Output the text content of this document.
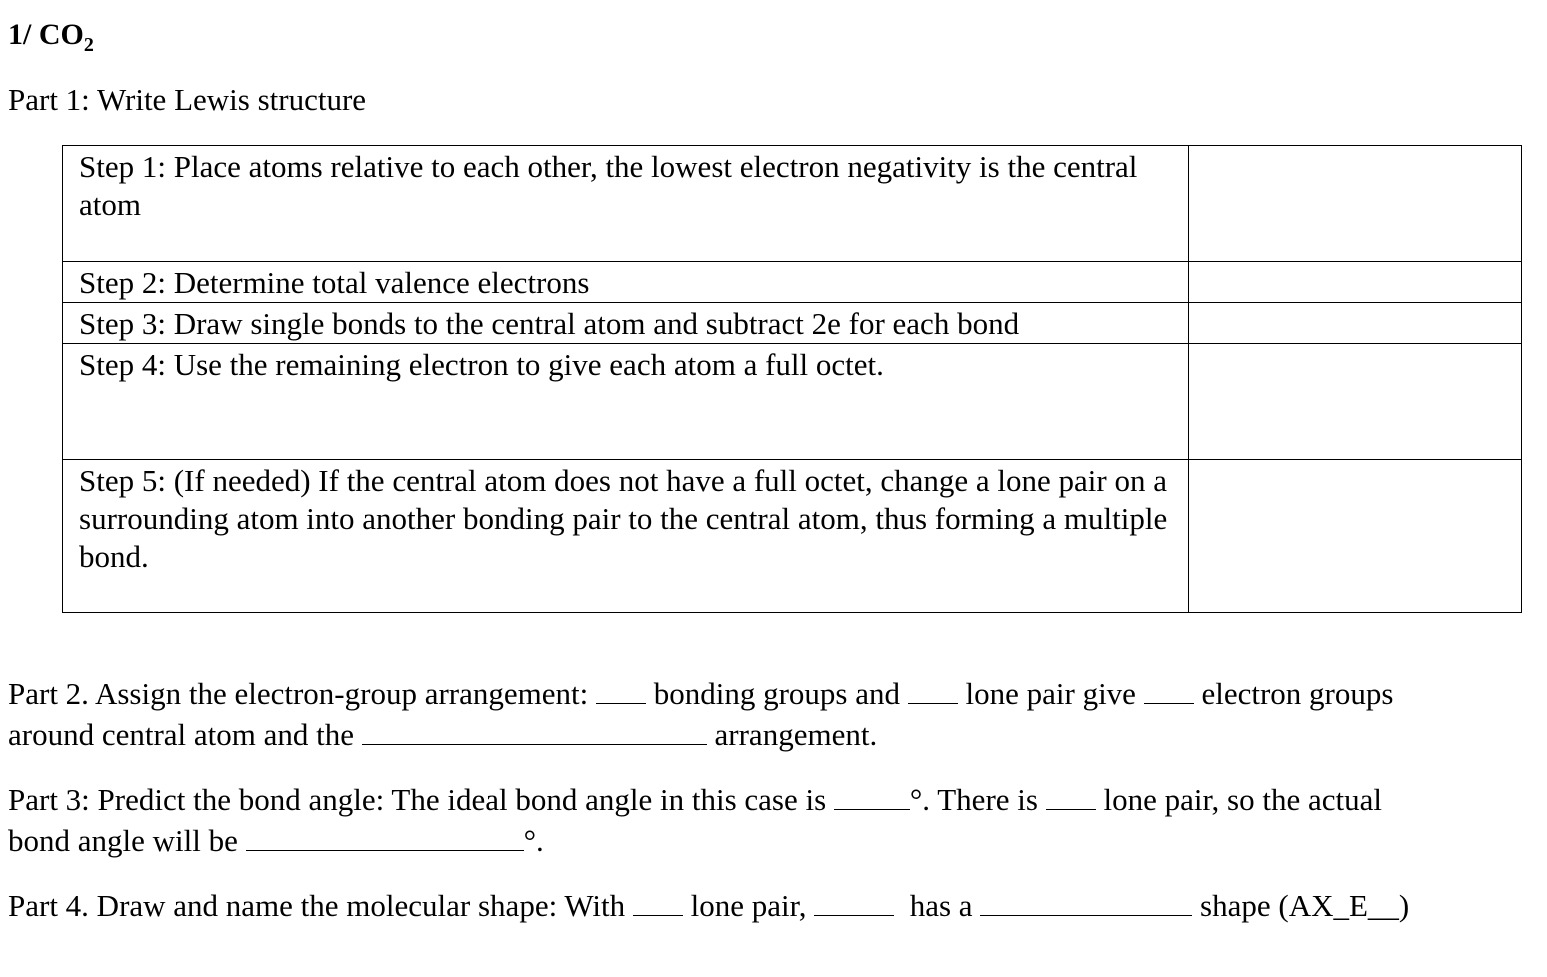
1/ $CO_2$
Part 1: Write Lewis structure
Step 1: Place atoms relative to each other, the lowest electron negativity is the central atom	
Step 2: Determine total valence electrons	
Step 3: Draw single bonds to the central atom and subtract 2e for each bond	
Step 4: Use the remaining electron to give each atom a full octet.	
Step 5: (If needed) If the central atom does not have a full octet, change a lone pair on a surrounding atom into another bonding pair to the central atom, thus forming a multiple bond.	
Part 2. Assign the electron-group arrangement: bonding groups and lone pair give electron groups
around central atom and the	arrangement.
Part 3: Predict the bond angle: The ideal bond angle in this case is	°. There is lone pair, so the actual
bond angle will be	°.
Part 4. Draw and name the molecular shape: With lone pair,	has a	shape (AX_E__)
